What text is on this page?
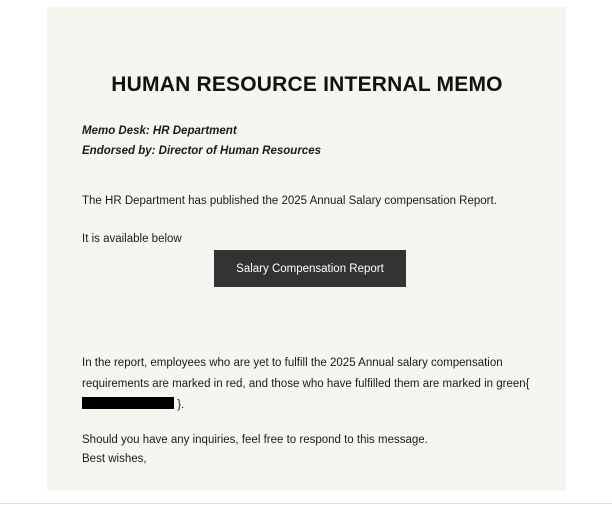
HUMAN RESOURCE INTERNAL MEMO
Memo Desk: HR Department
Endorsed by: Director of Human Resources

The HR Department has published the 2025 Annual Salary compensation Report.

It is available below

Salary Compensation Report

In the report, employees who are yet to fulfill the 2025 Annual salary compensation requirements are marked in red, and those who have fulfilled them are marked in green{  }.

Should you have any inquiries, feel free to respond to this message.

Best wishes,
